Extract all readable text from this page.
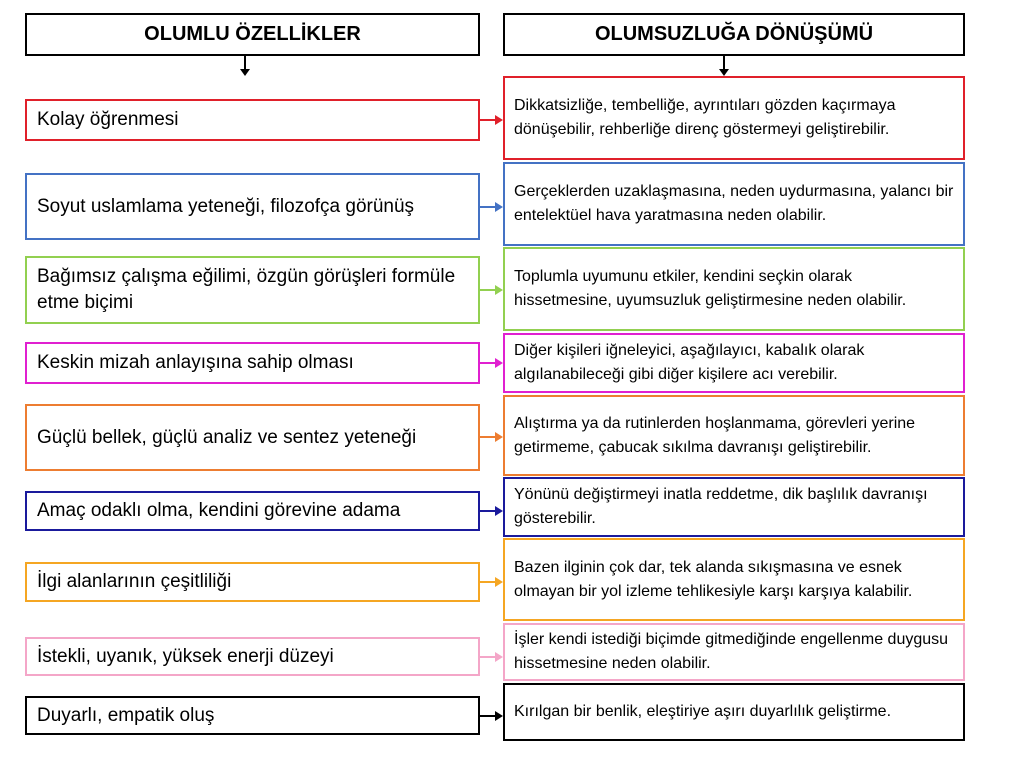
OLUMLU ÖZELLİKLER	OLUMSUZLUĞA DÖNÜŞÜMÜ
Kolay öğrenmesi
Dikkatsizliğe, tembelliğe, ayrıntıları gözden kaçırmaya dönüşebilir, rehberliğe direnç göstermeyi geliştirebilir.
Soyut uslamlama yeteneği, filozofça görünüş
Gerçeklerden uzaklaşmasına, neden uydurmasına, yalancı bir entelektüel hava yaratmasına neden olabilir.
Bağımsız çalışma eğilimi, özgün görüşleri formüle etme biçimi
Toplumla uyumunu etkiler, kendini seçkin olarak hissetmesine, uyumsuzluk geliştirmesine neden olabilir.
Keskin mizah anlayışına sahip olması
Diğer kişileri iğneleyici, aşağılayıcı, kabalık olarak algılanabileceği gibi diğer kişilere acı verebilir.
Güçlü bellek, güçlü analiz ve sentez yeteneği
Alıştırma ya da rutinlerden hoşlanmama, görevleri yerine getirmeme, çabucak sıkılma davranışı geliştirebilir.
Amaç odaklı olma, kendini görevine adama
Yönünü değiştirmeyi inatla reddetme, dik başlılık davranışı gösterebilir.
İlgi alanlarının çeşitliliği
Bazen ilginin çok dar, tek alanda sıkışmasına ve esnek olmayan bir yol izleme tehlikesiyle karşı karşıya kalabilir.
İstekli, uyanık, yüksek enerji düzeyi
İşler kendi istediği biçimde gitmediğinde engellenme duygusu hissetmesine neden olabilir.
Duyarlı, empatik oluş	Kırılgan bir benlik, eleştiriye aşırı duyarlılık geliştirme.
